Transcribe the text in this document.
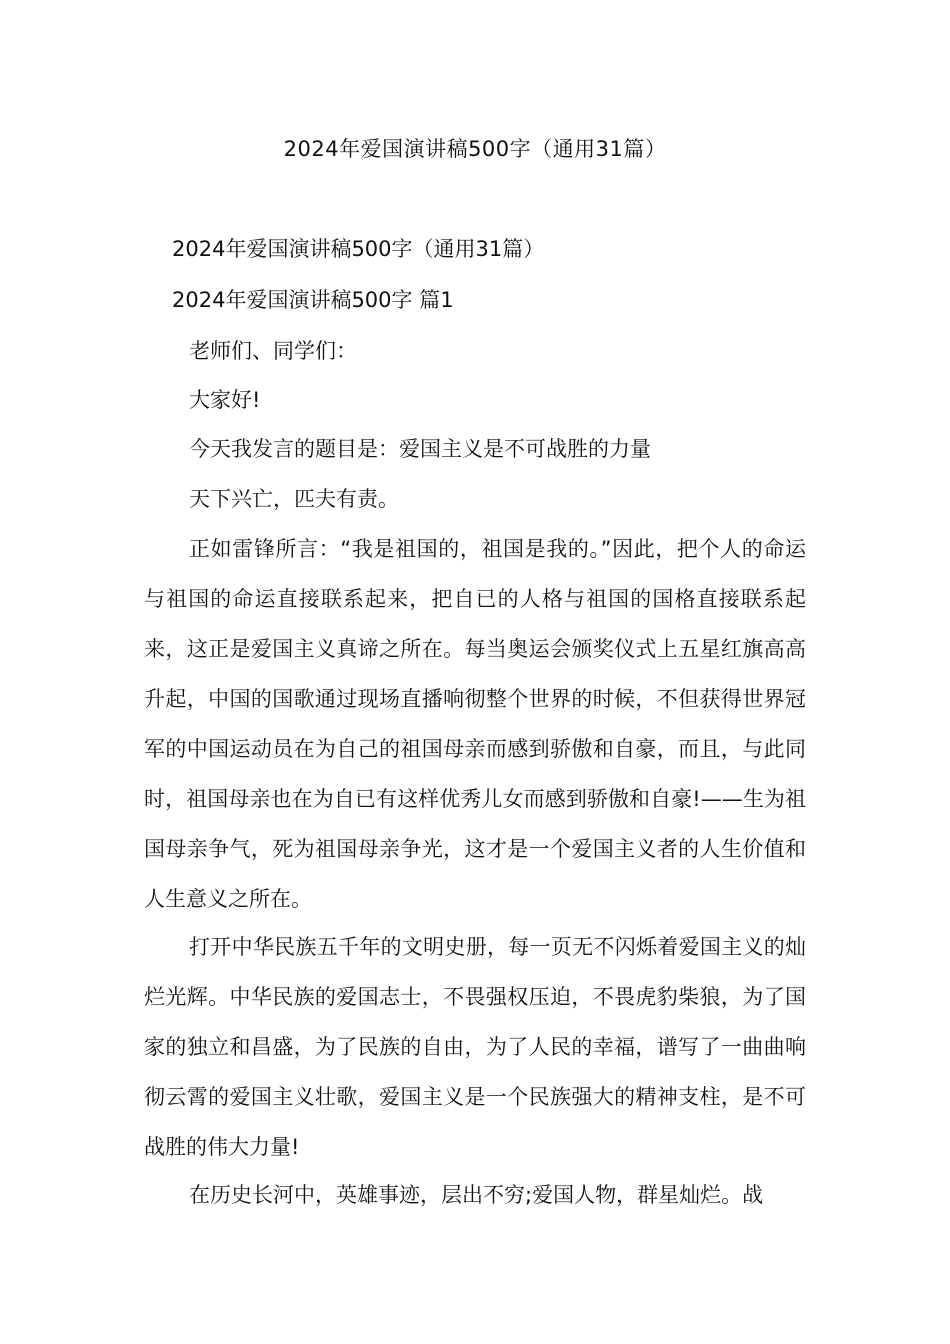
2024年爱国演讲稿500字（通用31篇）
2024年爱国演讲稿500字（通用31篇）
2024年爱国演讲稿500字 篇1
老师们、同学们：
大家好!
今天我发言的题目是：爱国主义是不可战胜的力量
天下兴亡，匹夫有责。

正如雷锋所言：“我是祖国的，祖国是我的。”因此，把个人的命运与祖国的命运直接联系起来，把自已的人格与祖国的国格直接联系起来，这正是爱国主义真谛之所在。每当奥运会颁奖仪式上五星红旗高高升起，中国的国歌通过现场直播响彻整个世界的时候，不但获得世界冠军的中国运动员在为自己的祖国母亲而感到骄傲和自豪，而且，与此同时，祖国母亲也在为自已有这样优秀儿女而感到骄傲和自豪!——生为祖国母亲争气，死为祖国母亲争光，这才是一个爱国主义者的人生价值和人生意义之所在。

打开中华民族五千年的文明史册，每一页无不闪烁着爱国主义的灿烂光辉。中华民族的爱国志士，不畏强权压迫，不畏虎豹柴狼，为了国家的独立和昌盛，为了民族的自由，为了人民的幸福，谱写了一曲曲响彻云霄的爱国主义壮歌，爱国主义是一个民族强大的精神支柱，是不可战胜的伟大力量!

在历史长河中，英雄事迹，层出不穷;爱国人物，群星灿烂。战
